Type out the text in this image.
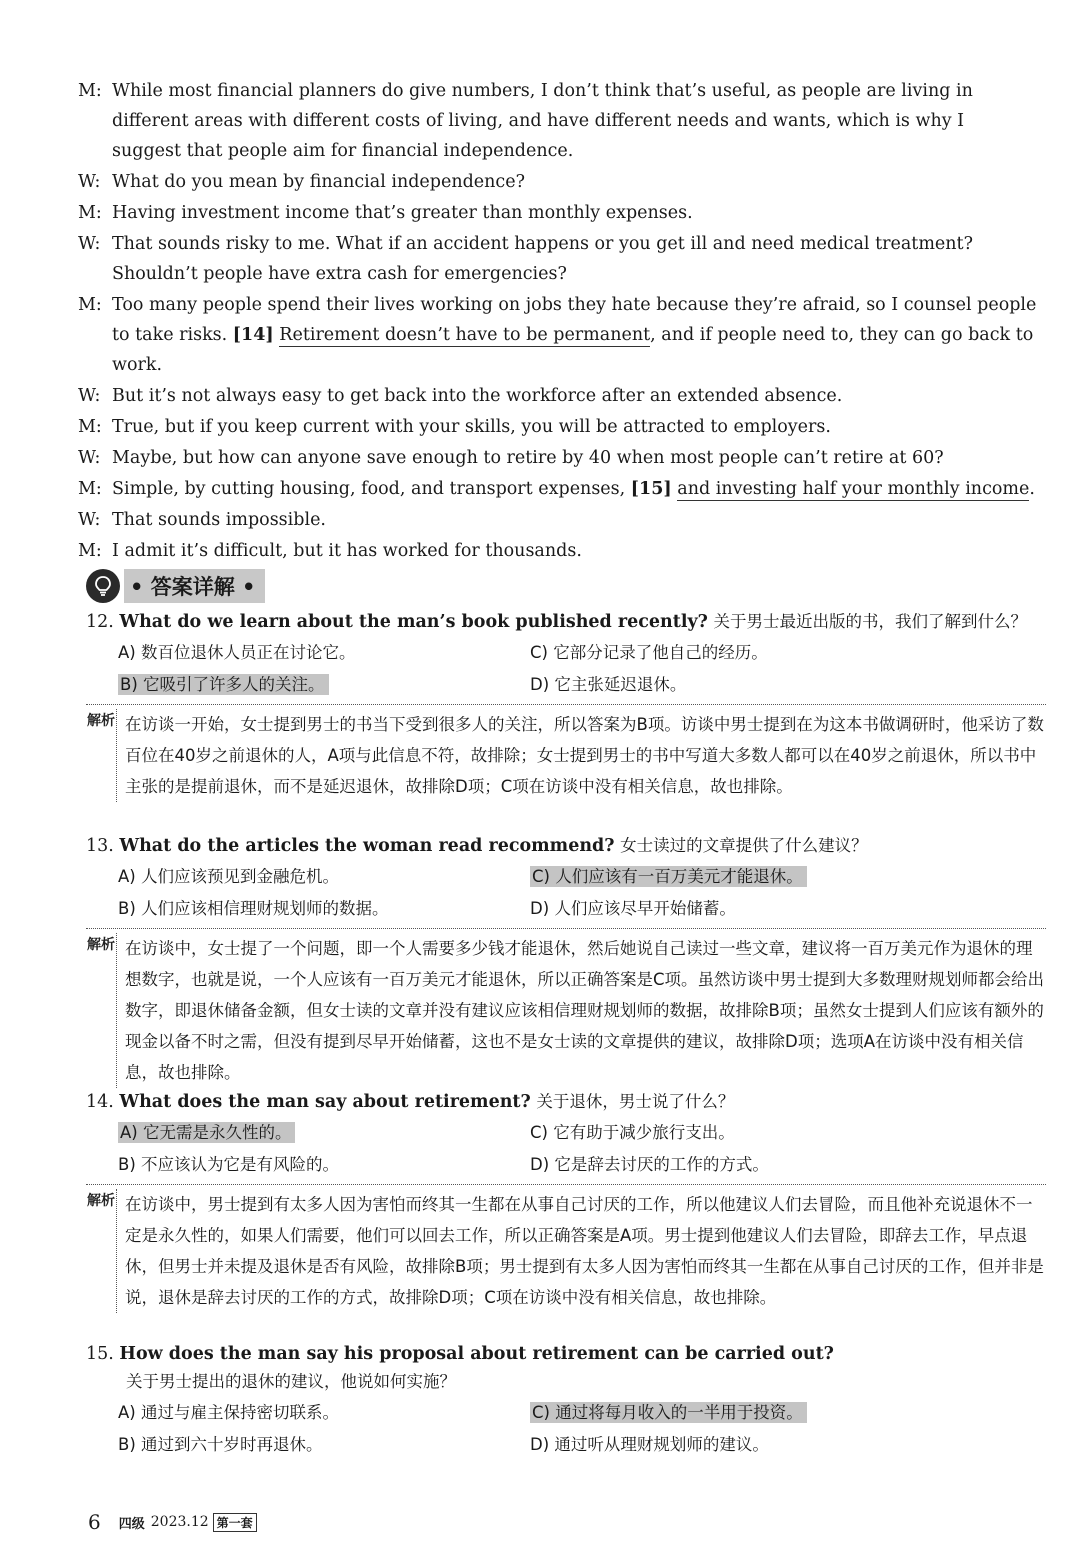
M: While most financial planners do give numbers, I don’t think that’s useful, as people are living in different areas with different costs of living, and have different needs and wants, which is why I suggest that people aim for financial independence.
W: What do you mean by financial independence?
M: Having investment income that’s greater than monthly expenses.
W: That sounds risky to me. What if an accident happens or you get ill and need medical treatment? Shouldn’t people have extra cash for emergencies?
M: Too many people spend their lives working on jobs they hate because they’re afraid, so I counsel people to take risks. [14] Retirement doesn’t have to be permanent, and if people need to, they can go back to work.
W: But it’s not always easy to get back into the workforce after an extended absence.
M: True, but if you keep current with your skills, you will be attracted to employers.
W: Maybe, but how can anyone save enough to retire by 40 when most people can’t retire at 60?
M: Simple, by cutting housing, food, and transport expenses, [15] and investing half your monthly income.
W: That sounds impossible.
M: I admit it’s difficult, but it has worked for thousands.
• 答案详解 •
12. What do we learn about the man’s book published recently? 关于男士最近出版的书，我们了解到什么？
A) 数百位退休人员正在讨论它。	C) 它部分记录了他自己的经历。
B) 它吸引了许多人的关注。	D) 它主张延迟退休。
解析 在访谈一开始，女士提到男士的书当下受到很多人的关注，所以答案为B项。访谈中男士提到在为这本书做调研时，他采访了数百位在40岁之前退休的人，A项与此信息不符，故排除；女士提到男士的书中写道大多数人都可以在40岁之前退休，所以书中主张的是提前退休，而不是延迟退休，故排除D项；C项在访谈中没有相关信息，故也排除。
13. What do the articles the woman read recommend? 女士读过的文章提供了什么建议？
A) 人们应该预见到金融危机。	C) 人们应该有一百万美元才能退休。
B) 人们应该相信理财规划师的数据。	D) 人们应该尽早开始储蓄。
解析 在访谈中，女士提了一个问题，即一个人需要多少钱才能退休，然后她说自己读过一些文章，建议将一百万美元作为退休的理想数字，也就是说，一个人应该有一百万美元才能退休，所以正确答案是C项。虽然访谈中男士提到大多数理财规划师都会给出数字，即退休储备金额，但女士读的文章并没有建议应该相信理财规划师的数据，故排除B项；虽然女士提到人们应该有额外的现金以备不时之需，但没有提到尽早开始储蓄，这也不是女士读的文章提供的建议，故排除D项；选项A在访谈中没有相关信息，故也排除。
14. What does the man say about retirement? 关于退休，男士说了什么？
A) 它无需是永久性的。	C) 它有助于减少旅行支出。
B) 不应该认为它是有风险的。	D) 它是辞去讨厌的工作的方式。
解析 在访谈中，男士提到有太多人因为害怕而终其一生都在从事自己讨厌的工作，所以他建议人们去冒险，而且他补充说退休不一定是永久性的，如果人们需要，他们可以回去工作，所以正确答案是A项。男士提到他建议人们去冒险，即辞去工作，早点退休，但男士并未提及退休是否有风险，故排除B项；男士提到有太多人因为害怕而终其一生都在从事自己讨厌的工作，但并非是说，退休是辞去讨厌的工作的方式，故排除D项；C项在访谈中没有相关信息，故也排除。
15. How does the man say his proposal about retirement can be carried out?
关于男士提出的退休的建议，他说如何实施？
A) 通过与雇主保持密切联系。	C) 通过将每月收入的一半用于投资。
B) 通过到六十岁时再退休。	D) 通过听从理财规划师的建议。
6 四级 2023.12 第一套
